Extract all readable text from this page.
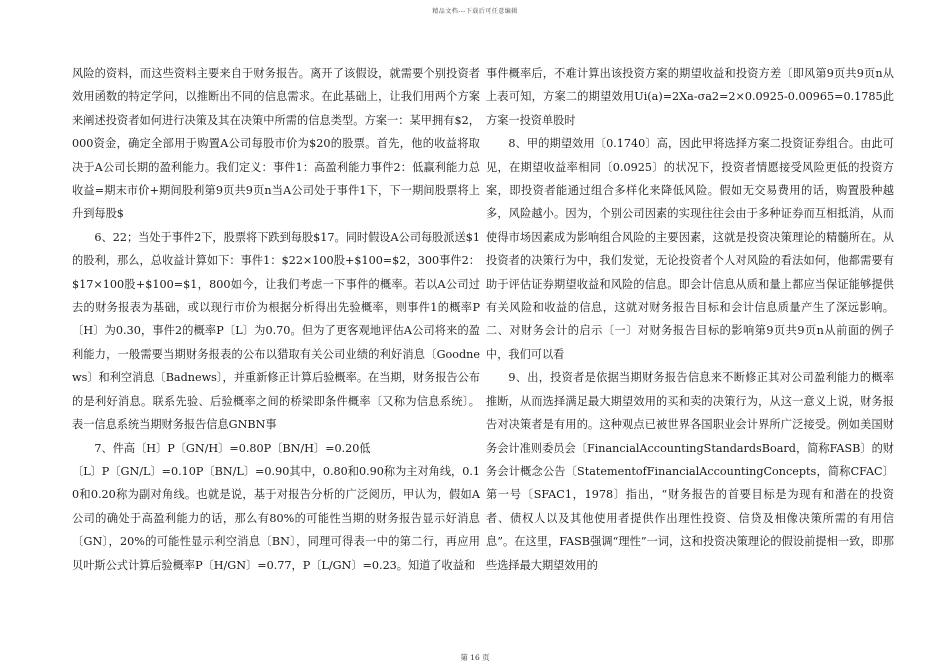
精品文档---下载后可任意编辑

风险的资料，而这些资料主要来自于财务报告。离开了该假设，就需要个别投资者效用函数的特定学问，以推断出不同的信息需求。在此基础上，让我们用两个方案来阐述投资者如何进行决策及其在决策中所需的信息类型。方案一：某甲拥有$2，000资金，确定全部用于购置A公司每股市价为$20的股票。首先，他的收益将取决于A公司长期的盈利能力。我们定义：事件1：高盈利能力事件2：低赢利能力总收益=期末市价+期间股利第9页共9页n当A公司处于事件1下，下一期间股票将上升到每股$

6、22；当处于事件2下，股票将下跌到每股$17。同时假设A公司每股派送$1的股利，那么，总收益计算如下：事件1：$22×100股+$100=$2，300事件2：$17×100股+$100=$1，800如今，让我们考虑一下事件的概率。若以A公司过去的财务报表为基础，或以现行市价为根据分析得出先验概率，则事件1的概率P〔H〕为0.30，事件2的概率P〔L〕为0.70。但为了更客观地评估A公司将来的盈利能力，一般需要当期财务报表的公布以猎取有关公司业绩的利好消息〔Goodnews〕和利空消息〔Badnews〕，并重新修正计算后验概率。在当期，财务报告公布的是利好消息。联系先验、后验概率之间的桥梁即条件概率〔又称为信息系统〕。表一信息系统当期财务报告信息GNBN事

7、件高〔H〕P〔GN/H〕=0.80P〔BN/H〕=0.20低

〔L〕P〔GN/L〕=0.10P〔BN/L〕=0.90其中，0.80和0.90称为主对角线，0.10和0.20称为副对角线。也就是说，基于对报告分析的广泛阅历，甲认为，假如A公司的确处于高盈利能力的话，那么有80%的可能性当期的财务报告显示好消息〔GN〕，20%的可能性显示利空消息〔BN〕，同理可得表一中的第二行，再应用贝叶斯公式计算后验概率P〔H/GN〕=0.77，P〔L/GN〕=0.23。知道了收益和

事件概率后，不难计算出该投资方案的期望收益和投资方差〔即风第9页共9页n从上表可知，方案二的期望效用Ui(a)=2Xa-σa2=2×0.0925-0.00965=0.1785此方案一投资单股时

8、甲的期望效用〔0.1740〕高，因此甲将选择方案二投资证券组合。由此可见，在期望收益率相同〔0.0925〕的状况下，投资者情愿接受风险更低的投资方案，即投资者能通过组合多样化来降低风险。假如无交易费用的话，购置股种越多，风险越小。因为，个别公司因素的实现往往会由于多种证券而互相抵消，从而使得市场因素成为影响组合风险的主要因素，这就是投资决策理论的精髓所在。从投资者的决策行为中，我们发觉，无论投资者个人对风险的看法如何，他都需要有助于评估证券期望收益和风险的信息。即会计信息从质和量上都应当保证能够提供有关风险和收益的信息，这就对财务报告目标和会计信息质量产生了深远影响。二、对财务会计的启示〔一〕对财务报告目标的影响第9页共9页n从前面的例子中，我们可以看

9、出，投资者是依据当期财务报告信息来不断修正其对公司盈利能力的概率推断，从而选择满足最大期望效用的买和卖的决策行为，从这一意义上说，财务报告对决策者是有用的。这种观点已被世界各国职业会计界所广泛接受。例如美国财务会计准则委员会〔FinancialAccountingStandardsBoard，简称FASB〕的财务会计概念公告〔StatementofFinancialAccountingConcepts，简称CFAC〕第一号〔SFAC1，1978〕指出，“财务报告的首要目标是为现有和潜在的投资者、债权人以及其他使用者提供作出理性投资、信贷及相像决策所需的有用信息”。在这里，FASB强调“理性”一词，这和投资决策理论的假设前提相一致，即那些选择最大期望效用的

第 16 页
